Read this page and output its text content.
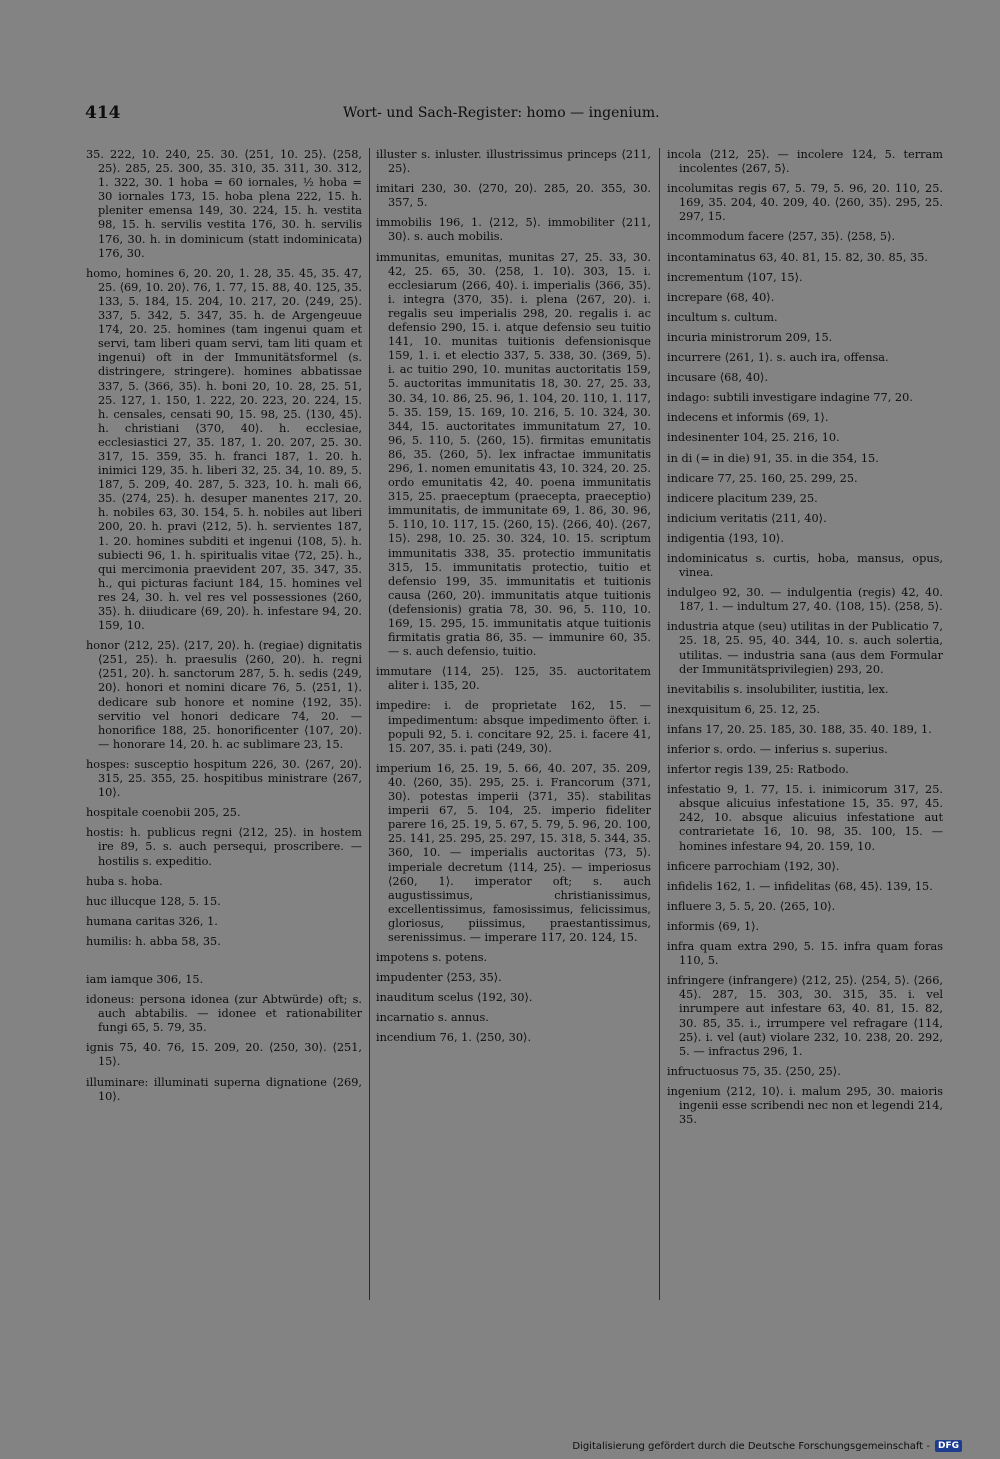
414	Wort- und Sach-Register: homo — ingenium.
35. 222, 10. 240, 25. 30. ⟨251, 10. 25⟩. ⟨258, 25⟩. 285, 25. 300, 35. 310, 35. 311, 30. 312, 1. 322, 30. 1 hoba = 60 iornales, ½ hoba = 30 iornales 173, 15. hoba plena 222, 15. h. pleniter emensa 149, 30. 224, 15. h. vestita 98, 15. h. servilis vestita 176, 30. h. servilis 176, 30. h. in dominicum (statt indominicata) 176, 30.
homo, homines 6, 20. 20, 1. 28, 35. 45, 35. 47, 25. ⟨69, 10. 20⟩. 76, 1. 77, 15. 88, 40. 125, 35. 133, 5. 184, 15. 204, 10. 217, 20. ⟨249, 25⟩. 337, 5. 342, 5. 347, 35. h. de Argengeuue 174, 20. 25. homines (tam ingenui quam et servi, tam liberi quam servi, tam liti quam et ingenui) oft in der Immunitätsformel (s. distringere, stringere). homines abbatissae 337, 5. ⟨366, 35⟩. h. boni 20, 10. 28, 25. 51, 25. 127, 1. 150, 1. 222, 20. 223, 20. 224, 15. h. censales, censati 90, 15. 98, 25. ⟨130, 45⟩. h. christiani ⟨370, 40⟩. h. ecclesiae, ecclesiastici 27, 35. 187, 1. 20. 207, 25. 30. 317, 15. 359, 35. h. franci 187, 1. 20. h. inimici 129, 35. h. liberi 32, 25. 34, 10. 89, 5. 187, 5. 209, 40. 287, 5. 323, 10. h. mali 66, 35. ⟨274, 25⟩. h. desuper manentes 217, 20. h. nobiles 63, 30. 154, 5. h. nobiles aut liberi 200, 20. h. pravi ⟨212, 5⟩. h. servientes 187, 1. 20. homines subditi et ingenui ⟨108, 5⟩. h. subiecti 96, 1. h. spiritualis vitae ⟨72, 25⟩. h., qui mercimonia praevident 207, 35. 347, 35. h., qui picturas faciunt 184, 15. homines vel res 24, 30. h. vel res vel possessiones ⟨260, 35⟩. h. diiudicare ⟨69, 20⟩. h. infestare 94, 20. 159, 10.
honor ⟨212, 25⟩. ⟨217, 20⟩. h. (regiae) dignitatis ⟨251, 25⟩. h. praesulis ⟨260, 20⟩. h. regni ⟨251, 20⟩. h. sanctorum 287, 5. h. sedis ⟨249, 20⟩. honori et nomini dicare 76, 5. ⟨251, 1⟩. dedicare sub honore et nomine ⟨192, 35⟩. servitio vel honori dedicare 74, 20. — honorifice 188, 25. honorificenter ⟨107, 20⟩. — honorare 14, 20. h. ac sublimare 23, 15.
hospes: susceptio hospitum 226, 30. ⟨267, 20⟩. 315, 25. 355, 25. hospitibus ministrare ⟨267, 10⟩.
hospitale coenobii 205, 25.
hostis: h. publicus regni ⟨212, 25⟩. in hostem ire 89, 5. s. auch persequi, proscribere. — hostilis s. expeditio.
huba s. hoba.
huc illucque 128, 5. 15.
humana caritas 326, 1.
humilis: h. abba 58, 35.
iam iamque 306, 15.
idoneus: persona idonea (zur Abtwürde) oft; s. auch abtabilis. — idonee et rationabiliter fungi 65, 5. 79, 35.
ignis 75, 40. 76, 15. 209, 20. ⟨250, 30⟩. ⟨251, 15⟩.
illuminare: illuminati superna dignatione ⟨269, 10⟩.
illuster s. inluster. illustrissimus princeps ⟨211, 25⟩.
imitari 230, 30. ⟨270, 20⟩. 285, 20. 355, 30. 357, 5.
immobilis 196, 1. ⟨212, 5⟩. immobiliter ⟨211, 30⟩. s. auch mobilis.
immunitas, emunitas, munitas 27, 25. 33, 30. 42, 25. 65, 30. ⟨258, 1. 10⟩. 303, 15. i. ecclesiarum ⟨266, 40⟩. i. imperialis ⟨366, 35⟩. i. integra ⟨370, 35⟩. i. plena ⟨267, 20⟩. i. regalis seu imperialis 298, 20. regalis i. ac defensio 290, 15. i. atque defensio seu tuitio 141, 10. munitas tuitionis defensionisque 159, 1. i. et electio 337, 5. 338, 30. ⟨369, 5⟩. i. ac tuitio 290, 10. munitas auctoritatis 159, 5. auctoritas immunitatis 18, 30. 27, 25. 33, 30. 34, 10. 86, 25. 96, 1. 104, 20. 110, 1. 117, 5. 35. 159, 15. 169, 10. 216, 5. 10. 324, 30. 344, 15. auctoritates immunitatum 27, 10. 96, 5. 110, 5. ⟨260, 15⟩. firmitas emunitatis 86, 35. ⟨260, 5⟩. lex infractae immunitatis 296, 1. nomen emunitatis 43, 10. 324, 20. 25. ordo emunitatis 42, 40. poena immunitatis 315, 25. praeceptum (praecepta, praeceptio) immunitatis, de immunitate 69, 1. 86, 30. 96, 5. 110, 10. 117, 15. ⟨260, 15⟩. ⟨266, 40⟩. ⟨267, 15⟩. 298, 10. 25. 30. 324, 10. 15. scriptum immunitatis 338, 35. protectio immunitatis 315, 15. immunitatis protectio, tuitio et defensio 199, 35. immunitatis et tuitionis causa ⟨260, 20⟩. immunitatis atque tuitionis (defensionis) gratia 78, 30. 96, 5. 110, 10. 169, 15. 295, 15. immunitatis atque tuitionis firmitatis gratia 86, 35. — immunire 60, 35. — s. auch defensio, tuitio.
immutare ⟨114, 25⟩. 125, 35. auctoritatem aliter i. 135, 20.
impedire: i. de proprietate 162, 15. — impedimentum: absque impedimento öfter. i. populi 92, 5. i. concitare 92, 25. i. facere 41, 15. 207, 35. i. pati ⟨249, 30⟩.
imperium 16, 25. 19, 5. 66, 40. 207, 35. 209, 40. ⟨260, 35⟩. 295, 25. i. Francorum ⟨371, 30⟩. potestas imperii ⟨371, 35⟩. stabilitas imperii 67, 5. 104, 25. imperio fideliter parere 16, 25. 19, 5. 67, 5. 79, 5. 96, 20. 100, 25. 141, 25. 295, 25. 297, 15. 318, 5. 344, 35. 360, 10. — imperialis auctoritas ⟨73, 5⟩. imperiale decretum ⟨114, 25⟩. — imperiosus ⟨260, 1⟩. imperator oft; s. auch augustissimus, christianissimus, excellentissimus, famosissimus, felicissimus, gloriosus, piissimus, praestantissimus, serenissimus. — imperare 117, 20. 124, 15.
impotens s. potens.
impudenter ⟨253, 35⟩.
inauditum scelus ⟨192, 30⟩.
incarnatio s. annus.
incendium 76, 1. ⟨250, 30⟩.
incola ⟨212, 25⟩. — incolere 124, 5. terram incolentes ⟨267, 5⟩.
incolumitas regis 67, 5. 79, 5. 96, 20. 110, 25. 169, 35. 204, 40. 209, 40. ⟨260, 35⟩. 295, 25. 297, 15.
incommodum facere ⟨257, 35⟩. ⟨258, 5⟩.
incontaminatus 63, 40. 81, 15. 82, 30. 85, 35.
incrementum ⟨107, 15⟩.
increpare ⟨68, 40⟩.
incultum s. cultum.
incuria ministrorum 209, 15.
incurrere ⟨261, 1⟩. s. auch ira, offensa.
incusare ⟨68, 40⟩.
indago: subtili investigare indagine 77, 20.
indecens et informis ⟨69, 1⟩.
indesinenter 104, 25. 216, 10.
in di (= in die) 91, 35. in die 354, 15.
indicare 77, 25. 160, 25. 299, 25.
indicere placitum 239, 25.
indicium veritatis ⟨211, 40⟩.
indigentia ⟨193, 10⟩.
indominicatus s. curtis, hoba, mansus, opus, vinea.
indulgeo 92, 30. — indulgentia (regis) 42, 40. 187, 1. — indultum 27, 40. ⟨108, 15⟩. ⟨258, 5⟩.
industria atque (seu) utilitas in der Publicatio 7, 25. 18, 25. 95, 40. 344, 10. s. auch solertia, utilitas. — industria sana (aus dem Formular der Immunitätsprivilegien) 293, 20.
inevitabilis s. insolubiliter, iustitia, lex.
inexquisitum 6, 25. 12, 25.
infans 17, 20. 25. 185, 30. 188, 35. 40. 189, 1.
inferior s. ordo. — inferius s. superius.
infertor regis 139, 25: Ratbodo.
infestatio 9, 1. 77, 15. i. inimicorum 317, 25. absque alicuius infestatione 15, 35. 97, 45. 242, 10. absque alicuius infestatione aut contrarietate 16, 10. 98, 35. 100, 15. — homines infestare 94, 20. 159, 10.
inficere parrochiam ⟨192, 30⟩.
infidelis 162, 1. — infidelitas ⟨68, 45⟩. 139, 15.
influere 3, 5. 5, 20. ⟨265, 10⟩.
informis ⟨69, 1⟩.
infra quam extra 290, 5. 15. infra quam foras 110, 5.
infringere (infrangere) ⟨212, 25⟩. ⟨254, 5⟩. ⟨266, 45⟩. 287, 15. 303, 30. 315, 35. i. vel inrumpere aut infestare 63, 40. 81, 15. 82, 30. 85, 35. i., irrumpere vel refragare ⟨114, 25⟩. i. vel (aut) violare 232, 10. 238, 20. 292, 5. — infractus 296, 1.
infructuosus 75, 35. ⟨250, 25⟩.
ingenium ⟨212, 10⟩. i. malum 295, 30. maioris ingenii esse scribendi nec non et legendi 214, 35.
Digitalisierung gefördert durch die Deutsche Forschungsgemeinschaft - DFG
